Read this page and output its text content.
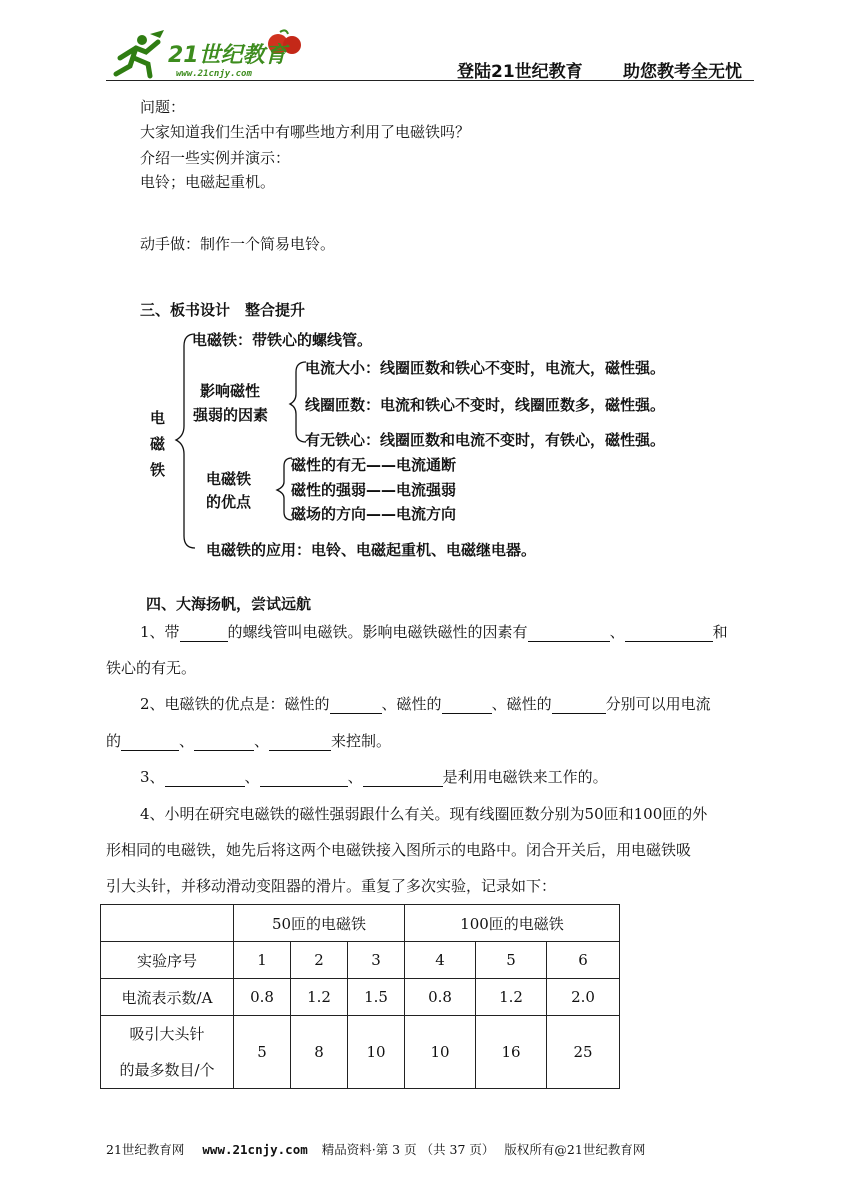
21世纪教育
www.21cnjy.com	登陆21世纪教育 助您教考全无忧
问题：
大家知道我们生活中有哪些地方利用了电磁铁吗？
介绍一些实例并演示：
电铃；电磁起重机。
动手做：制作一个简易电铃。
三、板书设计　整合提升
电
磁
铁
电磁铁：带铁心的螺线管。
影响磁性
强弱的因素
电流大小：线圈匝数和铁心不变时，电流大，磁性强。
线圈匝数：电流和铁心不变时，线圈匝数多，磁性强。
有无铁心：线圈匝数和电流不变时，有铁心，磁性强。
电磁铁
的优点
磁性的有无——电流通断
磁性的强弱——电流强弱
磁场的方向——电流方向
电磁铁的应用：电铃、电磁起重机、电磁继电器。
四、大海扬帆，尝试远航
1、带	的螺线管叫电磁铁。影响电磁铁磁性的因素有	、	和
铁心的有无。
2、电磁铁的优点是：磁性的	、磁性的	、磁性的	分别可以用电流
的	、	、	来控制。
3、	、	、	是利用电磁铁来工作的。
4、小明在研究电磁铁的磁性强弱跟什么有关。现有线圈匝数分别为50匝和100匝的外
形相同的电磁铁，她先后将这两个电磁铁接入图所示的电路中。闭合开关后，用电磁铁吸
引大头针，并移动滑动变阻器的滑片。重复了多次实验，记录如下：
	50匝的电磁铁			100匝的电磁铁		
实验序号	1	2	3	4	5	6
电流表示数/A	0.8	1.2	1.5	0.8	1.2	2.0

吸引大头针
的最多数目/个	5	8	10	10	16	25
21世纪教育网 www.21cnjy.com 精品资料·第 3 页 （共 37 页） 版权所有@21世纪教育网
